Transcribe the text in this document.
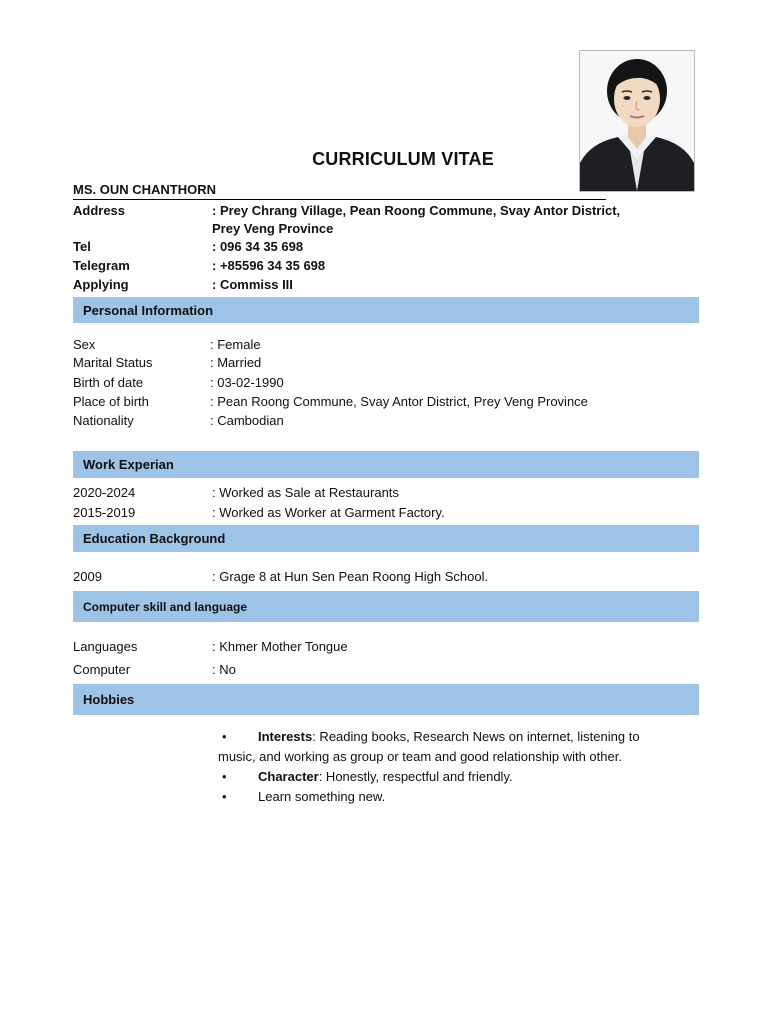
CURRICULUM VITAE
MS. OUN CHANTHORN
Address	: Prey Chrang Village, Pean Roong Commune, Svay Antor District,
Prey Veng Province
Tel	: 096 34 35 698
Telegram	: +85596 34 35 698
Applying	: Commiss III
Personal Information
Sex	: Female
Marital Status	: Married
Birth of date	: 03-02-1990
Place of birth	: Pean Roong Commune, Svay Antor District, Prey Veng Province
Nationality	: Cambodian
Work Experian
2020-2024	: Worked as Sale at Restaurants
2015-2019	: Worked as Worker at Garment Factory.
Education Background
2009	: Grage 8 at Hun Sen Pean Roong High School.
Computer skill and language
Languages	: Khmer Mother Tongue
Computer	: No
Hobbies
•	Interests: Reading books, Research News on internet, listening to
music, and working as group or team and good relationship with other.
•	Character: Honestly, respectful and friendly.
•	Learn something new.
